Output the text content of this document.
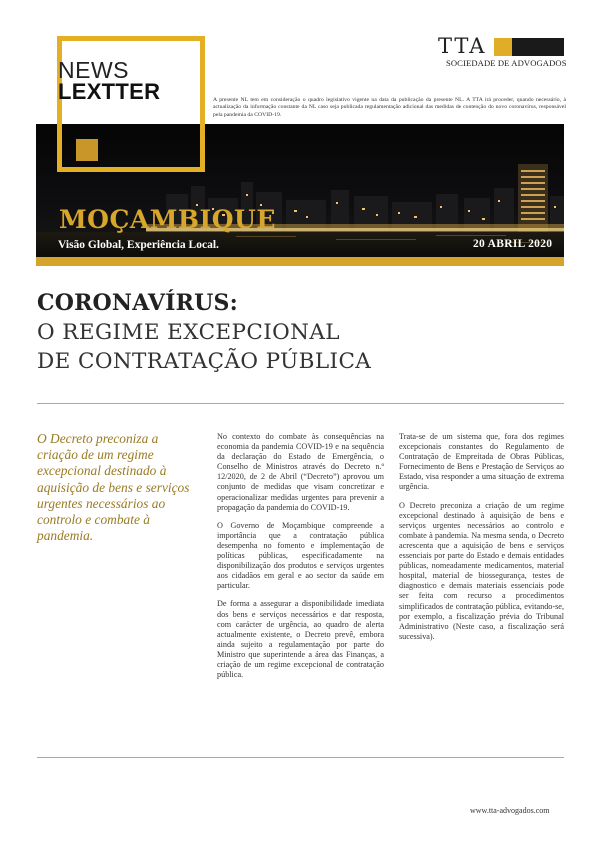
NEWS
LEXTTER
MOÇAMBIQUE
Visão Global, Experiência Local.	20 ABRIL 2020
TTA
SOCIEDADE DE ADVOGADOS
A presente NL tem em consideração o quadro legislativo vigente na data da publicação da presente NL. A TTA irá proceder, quando necessário, à actualização da informação constante da NL caso seja publicada regulamentação adicional das medidas de contenção do novo coronavírus, responsável pela pandemia da COVID-19.
CORONAVÍRUS:
O REGIME EXCEPCIONAL
DE CONTRATAÇÃO PÚBLICA
O Decreto preconiza a criação de um regime excepcional destinado à aquisição de bens e serviços urgentes necessários ao controlo e combate à pandemia.

No contexto do combate às consequências na economia da pandemia COVID-19 e na sequência da declaração do Estado de Emergência, o Conselho de Ministros através do Decreto n.º 12/2020, de 2 de Abril (“Decreto”) aprovou um conjunto de medidas que visam concretizar e operacionalizar medidas urgentes para prevenir a propagação da pandemia do COVID-19.

O Governo de Moçambique compreende a importância que a contratação pública desempenha no fomento e implementação de políticas públicas, especificadamente na disponibilização dos produtos e serviços urgentes aos cidadãos em geral e ao sector da saúde em particular.

De forma a assegurar a disponibilidade imediata dos bens e serviços necessários e dar resposta, com carácter de urgência, ao quadro de alerta actualmente existente, o Decreto prevê, embora ainda sujeito a regulamentação por parte do Ministro que superintende a área das Finanças, a criação de um regime excepcional de contratação pública.

Trata-se de um sistema que, fora dos regimes excepcionais constantes do Regulamento de Contratação de Empreitada de Obras Públicas, Fornecimento de Bens e Prestação de Serviços ao Estado, visa responder a uma situação de extrema urgência.

O Decreto preconiza a criação de um regime excepcional destinado à aquisição de bens e serviços urgentes necessários ao controlo e combate à pandemia. Na mesma senda, o Decreto acrescenta que a aquisição de bens e serviços essenciais por parte do Estado e demais entidades públicas, nomeadamente medicamentos, material hospital, material de biossegurança, testes de diagnostico e demais materiais essenciais pode ser feita com recurso a procedimentos simplificados de contratação pública, evitando-se, por exemplo, a fiscalização prévia do Tribunal Administrativo (Neste caso, a fiscalização será sucessiva).

www.tta-advogados.com
